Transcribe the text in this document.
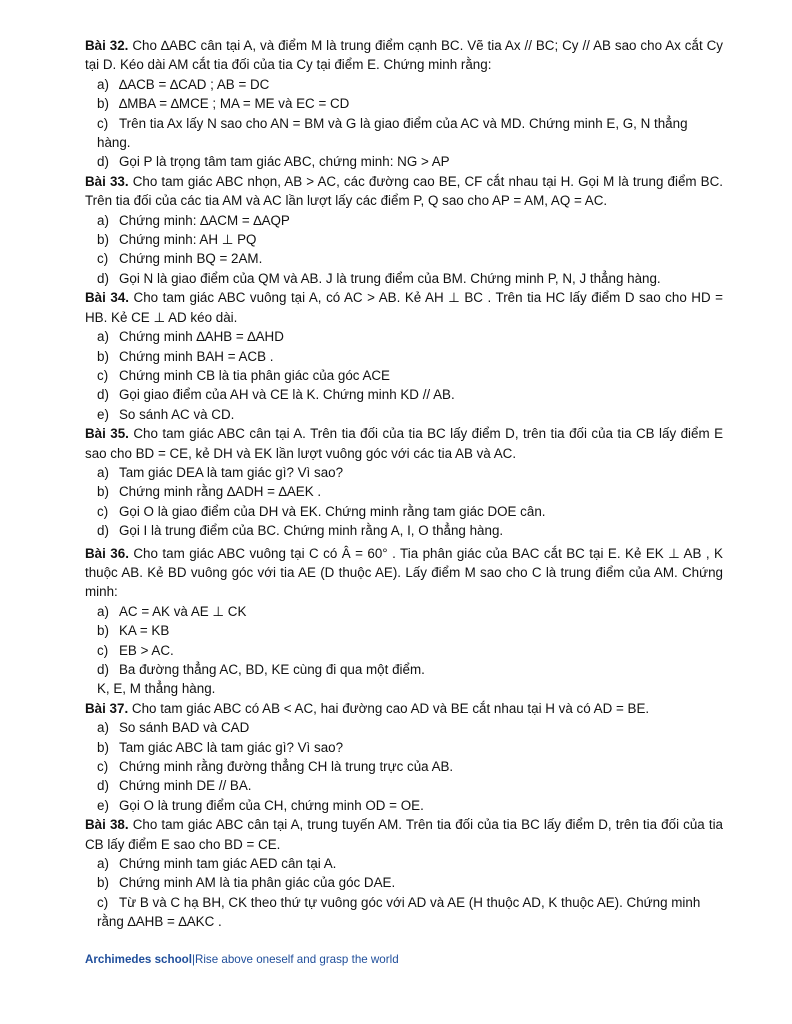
Bài 32. Cho ∆ABC cân tại A, và điểm M là trung điểm cạnh BC. Vẽ tia Ax // BC; Cy // AB sao cho Ax cắt Cy tại D. Kéo dài AM cắt tia đối của tia Cy tại điểm E. Chứng minh rằng:

a) ∆ACB = ∆CAD ; AB = DC

b) ∆MBA = ∆MCE ; MA = ME và EC = CD

c) Trên tia Ax lấy N sao cho AN = BM và G là giao điểm của AC và MD. Chứng minh E, G, N thẳng hàng.

d) Gọi P là trọng tâm tam giác ABC, chứng minh: NG > AP

Bài 33. Cho tam giác ABC nhọn, AB > AC, các đường cao BE, CF cắt nhau tại H. Gọi M là trung điểm BC. Trên tia đối của các tia AM và AC lần lượt lấy các điểm P, Q sao cho AP = AM, AQ = AC.

a) Chứng minh: ∆ACM = ∆AQP

b) Chứng minh: AH ⊥ PQ

c) Chứng minh BQ = 2AM.

d) Gọi N là giao điểm của QM và AB. J là trung điểm của BM. Chứng minh P, N, J thẳng hàng.

Bài 34. Cho tam giác ABC vuông tại A, có AC > AB. Kẻ AH ⊥ BC . Trên tia HC lấy điểm D sao cho HD = HB. Kẻ CE ⊥ AD kéo dài.

a) Chứng minh ∆AHB = ∆AHD

b) Chứng minh BAH = ACB .

c) Chứng minh CB là tia phân giác của góc ACE

d) Gọi giao điểm của AH và CE là K. Chứng minh KD // AB.

e) So sánh AC và CD.

Bài 35. Cho tam giác ABC cân tại A. Trên tia đối của tia BC lấy điểm D, trên tia đối của tia CB lấy điểm E sao cho BD = CE, kẻ DH và EK lần lượt vuông góc với các tia AB và AC.

a) Tam giác DEA là tam giác gì? Vì sao?

b) Chứng minh rằng ∆ADH = ∆AEK .

c) Gọi O là giao điểm của DH và EK. Chứng minh rằng tam giác DOE cân.

d) Gọi I là trung điểm của BC. Chứng minh rằng A, I, O thẳng hàng.

Bài 36. Cho tam giác ABC vuông tại C có Â = 60° . Tia phân giác của BAC cắt BC tại E. Kẻ EK ⊥ AB , K thuộc AB. Kẻ BD vuông góc với tia AE (D thuộc AE). Lấy điểm M sao cho C là trung điểm của AM. Chứng minh:

a) AC = AK và AE ⊥ CK

b) KA = KB

c) EB > AC.

d) Ba đường thẳng AC, BD, KE cùng đi qua một điểm.

K, E, M thẳng hàng.

Bài 37. Cho tam giác ABC có AB < AC, hai đường cao AD và BE cắt nhau tại H và có AD = BE.

a) So sánh BAD và CAD

b) Tam giác ABC là tam giác gì? Vì sao?

c) Chứng minh rằng đường thẳng CH là trung trực của AB.

d) Chứng minh DE // BA.

e) Gọi O là trung điểm của CH, chứng minh OD = OE.

Bài 38. Cho tam giác ABC cân tại A, trung tuyến AM. Trên tia đối của tia BC lấy điểm D, trên tia đối của tia CB lấy điểm E sao cho BD = CE.

a) Chứng minh tam giác AED cân tại A.

b) Chứng minh AM là tia phân giác của góc DAE.

c) Từ B và C hạ BH, CK theo thứ tự vuông góc với AD và AE (H thuộc AD, K thuộc AE). Chứng minh rằng ∆AHB = ∆AKC .

Archimedes school|Rise above oneself and grasp the world
